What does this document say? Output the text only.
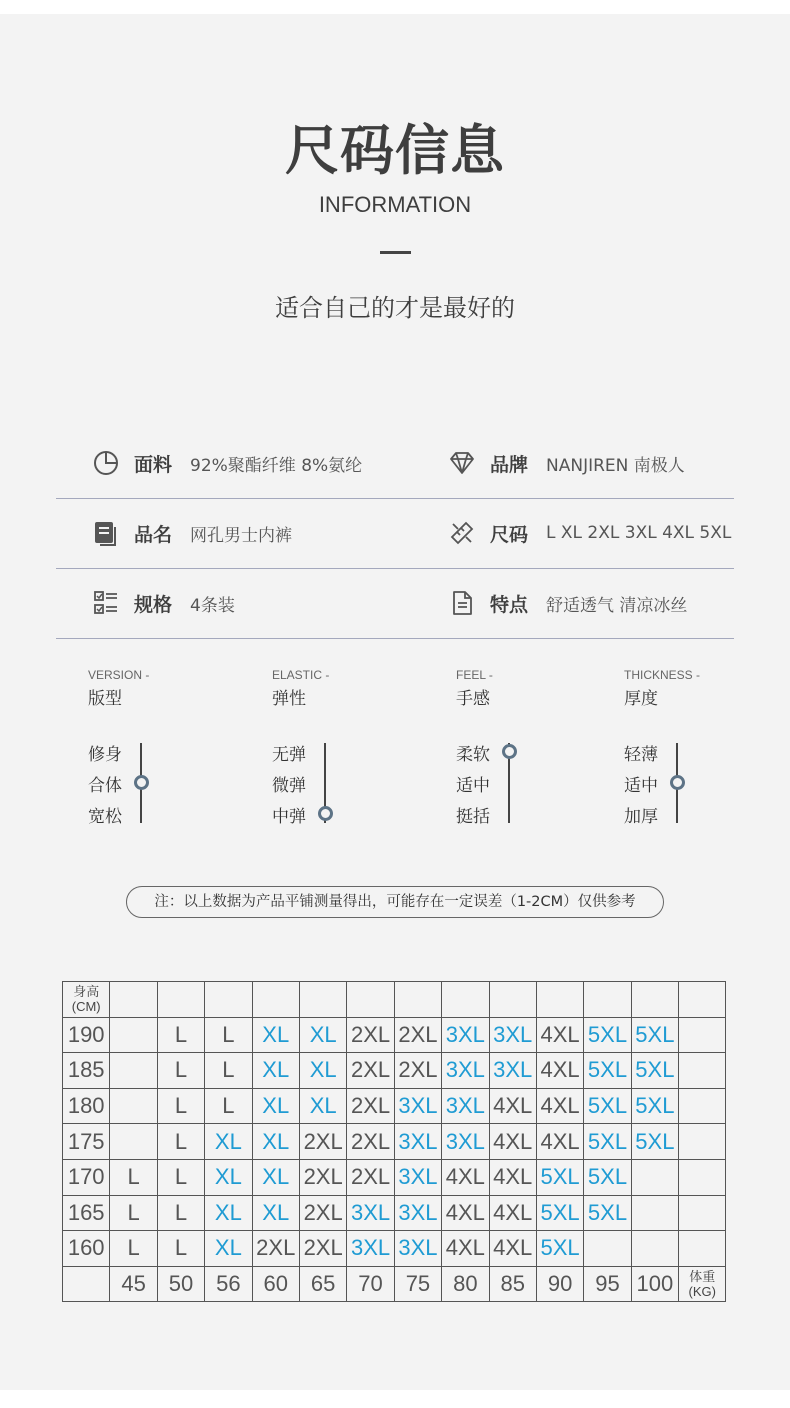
尺码信息
INFORMATION
适合自己的才是最好的
面料 92%聚酯纤维 8%氨纶	品牌 NANJIREN 南极人
品名 网孔男士内裤	尺码 L XL 2XL 3XL 4XL 5XL
规格 4条装	特点 舒适透气 清凉冰丝
VERSION -
版型
修身
合体
宽松
ELASTIC -
弹性
无弹
微弹
中弹
FEEL -
手感
柔软
适中
挺括
THICKNESS -
厚度
轻薄
适中
加厚
注：以上数据为产品平铺测量得出，可能存在一定误差（1-2CM）仅供参考
身高
(CM)													

190		L	L	XL	XL	2XL	2XL	3XL	3XL	4XL	5XL	5XL	
185		L	L	XL	XL	2XL	2XL	3XL	3XL	4XL	5XL	5XL	
180		L	L	XL	XL	2XL	3XL	3XL	4XL	4XL	5XL	5XL	
175		L	XL	XL	2XL	2XL	3XL	3XL	4XL	4XL	5XL	5XL	
170	L	L	XL	XL	2XL	2XL	3XL	4XL	4XL	5XL	5XL		
165	L	L	XL	XL	2XL	3XL	3XL	4XL	4XL	5XL	5XL		
160	L	L	XL	2XL	2XL	3XL	3XL	4XL	4XL	5XL			
	45	50	56	60	65	70	75	80	85	90	95	100	体重
(KG)
